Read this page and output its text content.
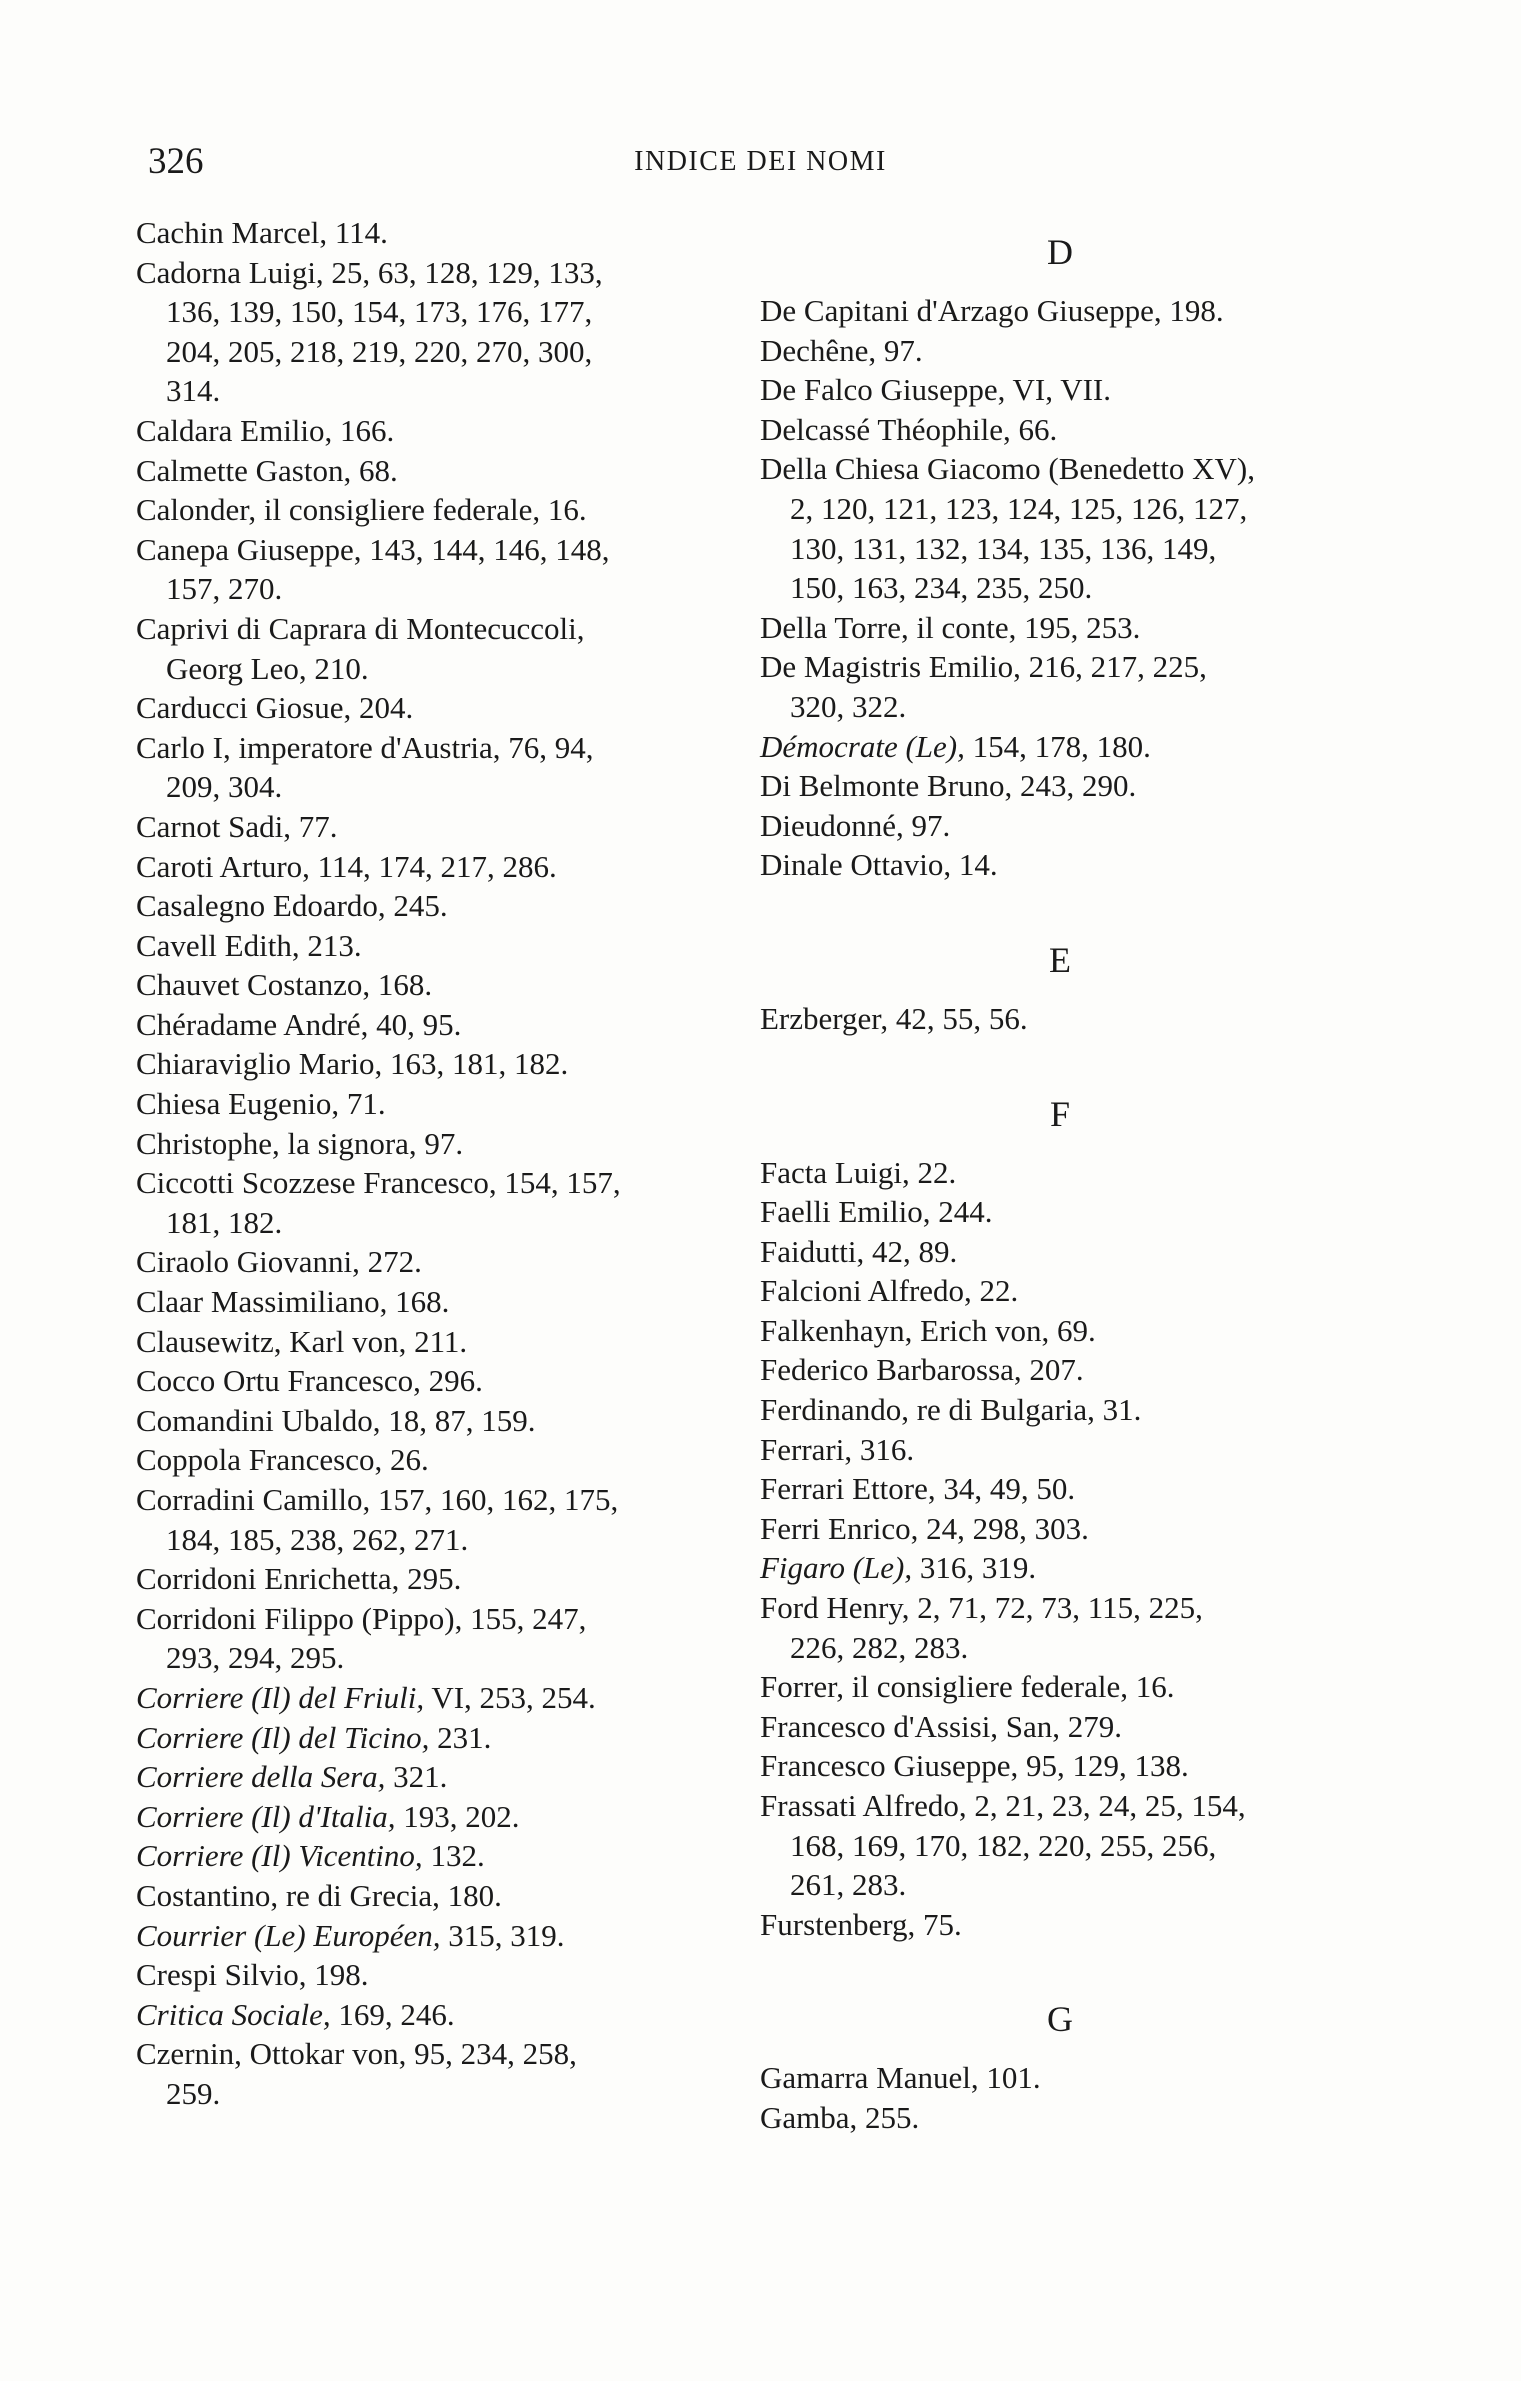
326	INDICE DEI NOMI
Cachin Marcel, 114.
Cadorna Luigi, 25, 63, 128, 129, 133,
136, 139, 150, 154, 173, 176, 177,
204, 205, 218, 219, 220, 270, 300,
314.
Caldara Emilio, 166.
Calmette Gaston, 68.
Calonder, il consigliere federale, 16.
Canepa Giuseppe, 143, 144, 146, 148,
157, 270.
Caprivi di Caprara di Montecuccoli,
Georg Leo, 210.
Carducci Giosue, 204.
Carlo I, imperatore d'Austria, 76, 94,
209, 304.
Carnot Sadi, 77.
Caroti Arturo, 114, 174, 217, 286.
Casalegno Edoardo, 245.
Cavell Edith, 213.
Chauvet Costanzo, 168.
Chéradame André, 40, 95.
Chiaraviglio Mario, 163, 181, 182.
Chiesa Eugenio, 71.
Christophe, la signora, 97.
Ciccotti Scozzese Francesco, 154, 157,
181, 182.
Ciraolo Giovanni, 272.
Claar Massimiliano, 168.
Clausewitz, Karl von, 211.
Cocco Ortu Francesco, 296.
Comandini Ubaldo, 18, 87, 159.
Coppola Francesco, 26.
Corradini Camillo, 157, 160, 162, 175,
184, 185, 238, 262, 271.
Corridoni Enrichetta, 295.
Corridoni Filippo (Pippo), 155, 247,
293, 294, 295.
Corriere (Il) del Friuli, VI, 253, 254.
Corriere (Il) del Ticino, 231.
Corriere della Sera, 321.
Corriere (Il) d'Italia, 193, 202.
Corriere (Il) Vicentino, 132.
Costantino, re di Grecia, 180.
Courrier (Le) Européen, 315, 319.
Crespi Silvio, 198.
Critica Sociale, 169, 246.
Czernin, Ottokar von, 95, 234, 258,
259.
D
De Capitani d'Arzago Giuseppe, 198.
Dechêne, 97.
De Falco Giuseppe, VI, VII.
Delcassé Théophile, 66.
Della Chiesa Giacomo (Benedetto XV),
2, 120, 121, 123, 124, 125, 126, 127,
130, 131, 132, 134, 135, 136, 149,
150, 163, 234, 235, 250.
Della Torre, il conte, 195, 253.
De Magistris Emilio, 216, 217, 225,
320, 322.
Démocrate (Le), 154, 178, 180.
Di Belmonte Bruno, 243, 290.
Dieudonné, 97.
Dinale Ottavio, 14.
E
Erzberger, 42, 55, 56.
F
Facta Luigi, 22.
Faelli Emilio, 244.
Faidutti, 42, 89.
Falcioni Alfredo, 22.
Falkenhayn, Erich von, 69.
Federico Barbarossa, 207.
Ferdinando, re di Bulgaria, 31.
Ferrari, 316.
Ferrari Ettore, 34, 49, 50.
Ferri Enrico, 24, 298, 303.
Figaro (Le), 316, 319.
Ford Henry, 2, 71, 72, 73, 115, 225,
226, 282, 283.
Forrer, il consigliere federale, 16.
Francesco d'Assisi, San, 279.
Francesco Giuseppe, 95, 129, 138.
Frassati Alfredo, 2, 21, 23, 24, 25, 154,
168, 169, 170, 182, 220, 255, 256,
261, 283.
Furstenberg, 75.
G
Gamarra Manuel, 101.
Gamba, 255.
